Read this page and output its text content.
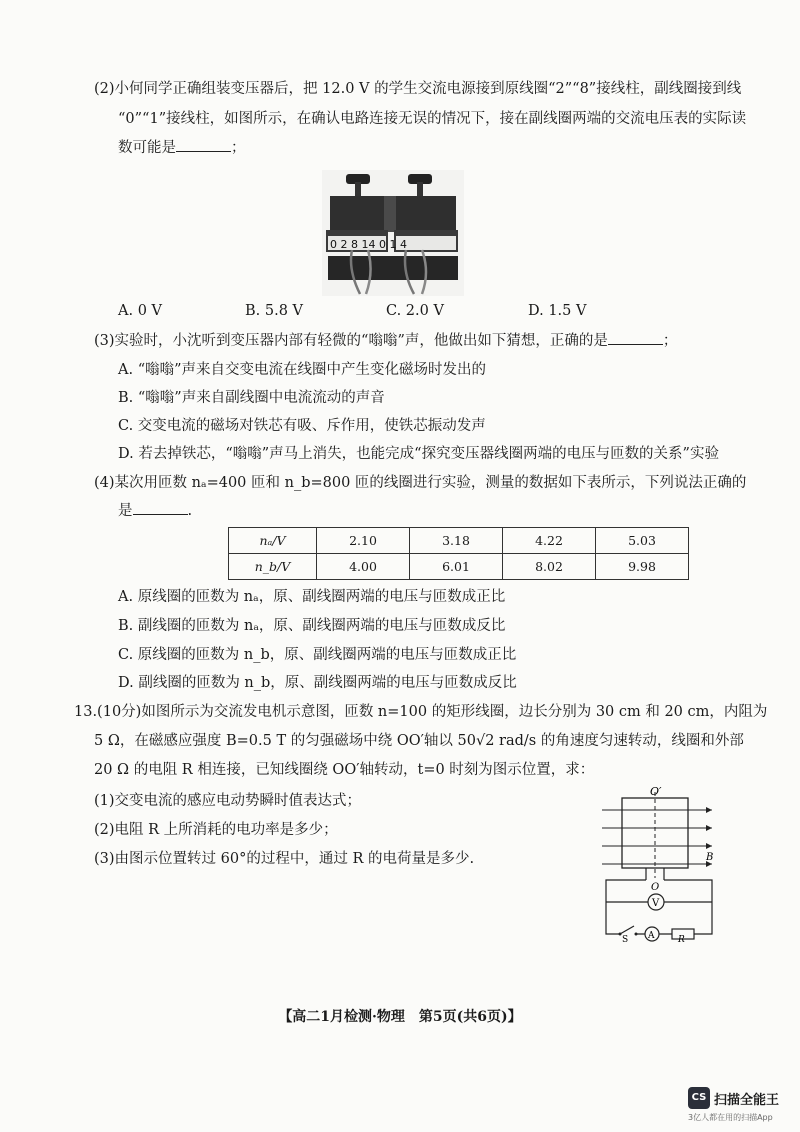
(2)小何同学正确组装变压器后，把 12.0 V 的学生交流电源接到原线圈“2”“8”接线柱，副线圈接到线
“0”“1”接线柱，如图所示，在确认电路连接无误的情况下，接在副线圈两端的交流电压表的实际读
数可能是	；
0 2 8 14 0 1 4
A. 0 V	B. 5.8 V	C. 2.0 V	D. 1.5 V
(3)实验时，小沈听到变压器内部有轻微的“嗡嗡”声，他做出如下猜想，正确的是	；
A. “嗡嗡”声来自交变电流在线圈中产生变化磁场时发出的
B. “嗡嗡”声来自副线圈中电流流动的声音
C. 交变电流的磁场对铁芯有吸、斥作用，使铁芯振动发声
D. 若去掉铁芯，“嗡嗡”声马上消失，也能完成“探究变压器线圈两端的电压与匝数的关系”实验
(4)某次用匝数 nₐ=400 匝和 n_b=800 匝的线圈进行实验，测量的数据如下表所示，下列说法正确的
是	.
nₐ/V	2.10	3.18	4.22	5.03
n_b/V	4.00	6.01	8.02	9.98
A. 原线圈的匝数为 nₐ，原、副线圈两端的电压与匝数成正比
B. 副线圈的匝数为 nₐ，原、副线圈两端的电压与匝数成反比
C. 原线圈的匝数为 n_b，原、副线圈两端的电压与匝数成正比
D. 副线圈的匝数为 n_b，原、副线圈两端的电压与匝数成反比
13.(10分)如图所示为交流发电机示意图，匝数 n=100 的矩形线圈，边长分别为 30 cm 和 20 cm，内阻为
5 Ω，在磁感应强度 B=0.5 T 的匀强磁场中绕 OO′轴以 50√2 rad/s 的角速度匀速转动，线圈和外部
20 Ω 的电阻 R 相连接，已知线圈绕 OO′轴转动，t=0 时刻为图示位置，求：
(1)交变电流的感应电动势瞬时值表达式；
(2)电阻 R 上所消耗的电功率是多少；
(3)由图示位置转过 60°的过程中，通过 R 的电荷量是多少.
O′
B
O
V
S A	R
【高二1月检测·物理　第5页(共6页)】
CS 扫描全能王
3亿人都在用的扫描App
